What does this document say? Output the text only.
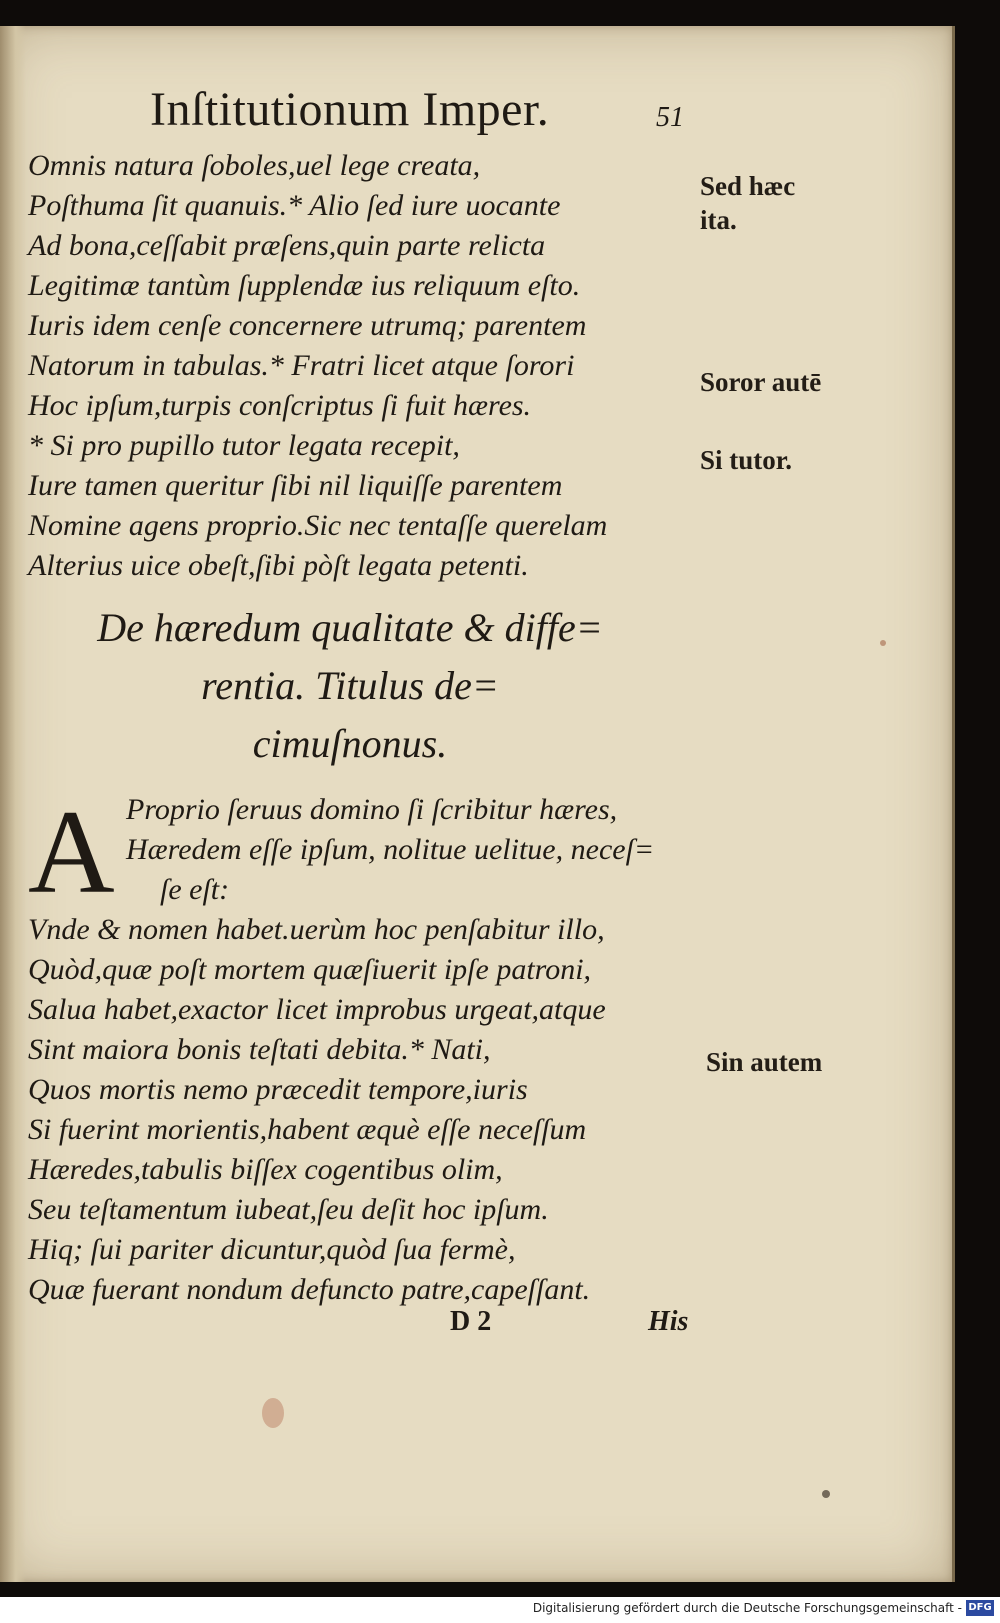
Inſtitutionum Imper.	51
Omnis natura ſoboles,uel lege creata,
Poſthuma ſit quanuis.* Alio ſed iure uocante
Ad bona,ceſſabit præſens,quin parte relicta
Legitimæ tantùm ſupplendæ ius reliquum eſto.
Iuris idem cenſe concernere utrumq; parentem
Natorum in tabulas.* Fratri licet atque ſorori
Hoc ipſum,turpis conſcriptus ſi fuit hæres.
* Si pro pupillo tutor legata recepit,
Iure tamen queritur ſibi nil liquiſſe parentem
Nomine agens proprio.Sic nec tentaſſe querelam
Alterius uice obeſt,ſibi pòſt legata petenti.
De hæredum qualitate & diffe=
rentia. Titulus de=
cimuſnonus.
A Proprio ſeruus domino ſi ſcribitur hæres,
Hæredem eſſe ipſum, nolitue uelitue, neceſ=
ſe eſt:
Vnde & nomen habet.uerùm hoc penſabitur illo,
Quòd,quæ poſt mortem quæſiuerit ipſe patroni,
Salua habet,exactor licet improbus urgeat,atque
Sint maiora bonis teſtati debita.* Nati,
Quos mortis nemo præcedit tempore,iuris
Si fuerint morientis,habent æquè eſſe neceſſum
Hæredes,tabulis biſſex cogentibus olim,
Seu teſtamentum iubeat,ſeu deſit hoc ipſum.
Hiq; ſui pariter dicuntur,quòd ſua fermè,
Quæ fuerant nondum defuncto patre,capeſſant.
Sed hæc
ita.
Soror autē
Si tutor.
Sin autem
D 2	His
Digitalisierung gefördert durch die Deutsche Forschungsgemeinschaft - DFG
